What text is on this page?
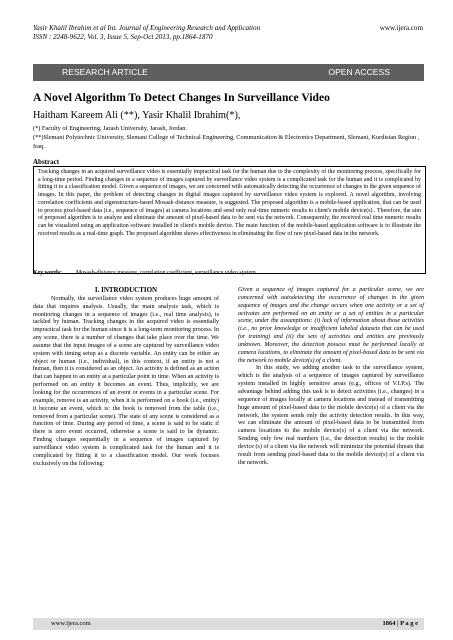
Yasir Khalil Ibrahim et al Int. Journal of Engineering Research and Application
ISSN : 2248-9622, Vol. 3, Issue 5, Sep-Oct 2013, pp.1864-1870
www.ijera.com
RESEARCH ARTICLE	OPEN ACCESS
A Novel Algorithm To Detect Changes In Surveillance Video
Haitham Kareem Ali (**), Yasir Khalil Ibrahim(*),
(*) Faculty of Engineering, Jarash University, Jarash, Jordan.
(**)Slemani Polytechnic University, Slemani College of Technical Engineering, Communication & Electronics Department, Slemani, Kurdistan Region , Iraq.
Abstract
Tracking changes in an acquired surveillance video is essentially impractical task for the human due to the complexity of the monitoring process, specifically for a long-time period. Finding changes in a sequence of images captured by surveillance video system is a complicated task for the human and it is complicated by fitting it to a classification model. Given a sequence of images, we are concerned with automatically detecting the occurrence of changes in the given sequence of images. In this paper, the problem of detecting changes in digital images captured by surveillance video system is explored. A novel algorithm, involving correlation coefficients and eigenstructure-based Mosaab distance measure, is suggested. The proposed algorithm is a mobile-based application, that can be used to process pixel-based data (i.e., sequence of images) at camera locations and send only real-time numeric results to client's mobile device(s) . Therefore, the aim of proposed algorithm is to analyze and eliminate the amount of pixel-based data to be sent via the network. Consequently, the received real time numeric results can be visualized using an application software installed in client's mobile device. The main function of the mobile-based application software is to illustrate the received results as a real-time graph. The proposed algorithm shows effectiveness in eliminating the flow of raw pixel-based data in the network.
Key words: Mosaab-distance measure, correlation coefficient, surveillance video system.
I. INTRODUCTION

Normally, the surveillance video system produces huge amount of data that requires analysis. Usually, the main analysis task, which is monitoring changes in a sequence of images (i.e., real time analysis), is tackled by human. Tracking changes in the acquired video is essentially impractical task for the human since it is a long-term monitoring process. In any scene, there is a number of changes that take place over the time. We assume that the input images of a scene are captured by surveillance video system with timing setup as a discrete variable. An entity can be either an object or human (i.e., individual), in this context, if an entity is not a human, then it is considered as an object. An activity is defined as an action that can happen to an entity at a particular point in time. When an activity is performed on an entity it becomes an event. Thus, implicitly, we are looking for the occurrences of an event or events in a particular scene. For example, remove is an activity, when it is performed on a book (i.e., entity) it become an event, which is: the book is removed from the table (i.e., removed from a particular scene). The state of any scene is considered as a function of time. During any period of time, a scene is said to be static if there is zero event occurred, otherwise a scene is said to be dynamic. Finding changes sequentially in a sequence of images captured by surveillance video system is complicated task for the human and it is complicated by fitting it to a classification model. Our work focuses exclusively on the following:

Given a sequence of images captured for a particular scene, we are concerned with autodetecting the occurrence of changes in the given sequence of images and the change occurs when one activity or a set of activates are performed on an entity or a set of entities in a particular scene, under the assumptions: (i) lack of information about those activities (i.e., no prior knowledge or insufficient labeled datasets that can be used for training) and (ii) the sets of activities and entities are previously unknown. Moreover, the detection possess must be performed locally at camera locations, to eliminate the amount of pixel-based data to be sent via the network to mobile device(s) of a client.

In this study, we adding another task to the surveillance system, which is the analysis of a sequence of images captured by surveillance system installed in highly sensitive areas (e.g., offices of V.I.P.s). The advantage behind adding this task is to detect activities (i.e., changes) in a sequence of images locally at camera locations and instead of transmitting huge amount of pixel-based data to the mobile device(s) of a client via the network, the system sends only the activity detection results. In this way, we can eliminate the amount of pixel-based data to be transmitted from camera locations to the mobile device(s) of a client via the network. Sending only few real numbers (i.e., the detection results) to the mobile device (s) of a client via the network will minimize the potential threats that result from sending pixel-based data to the mobile device(s) of a client via the network.

www.ijera.com	1864 | P a g e
